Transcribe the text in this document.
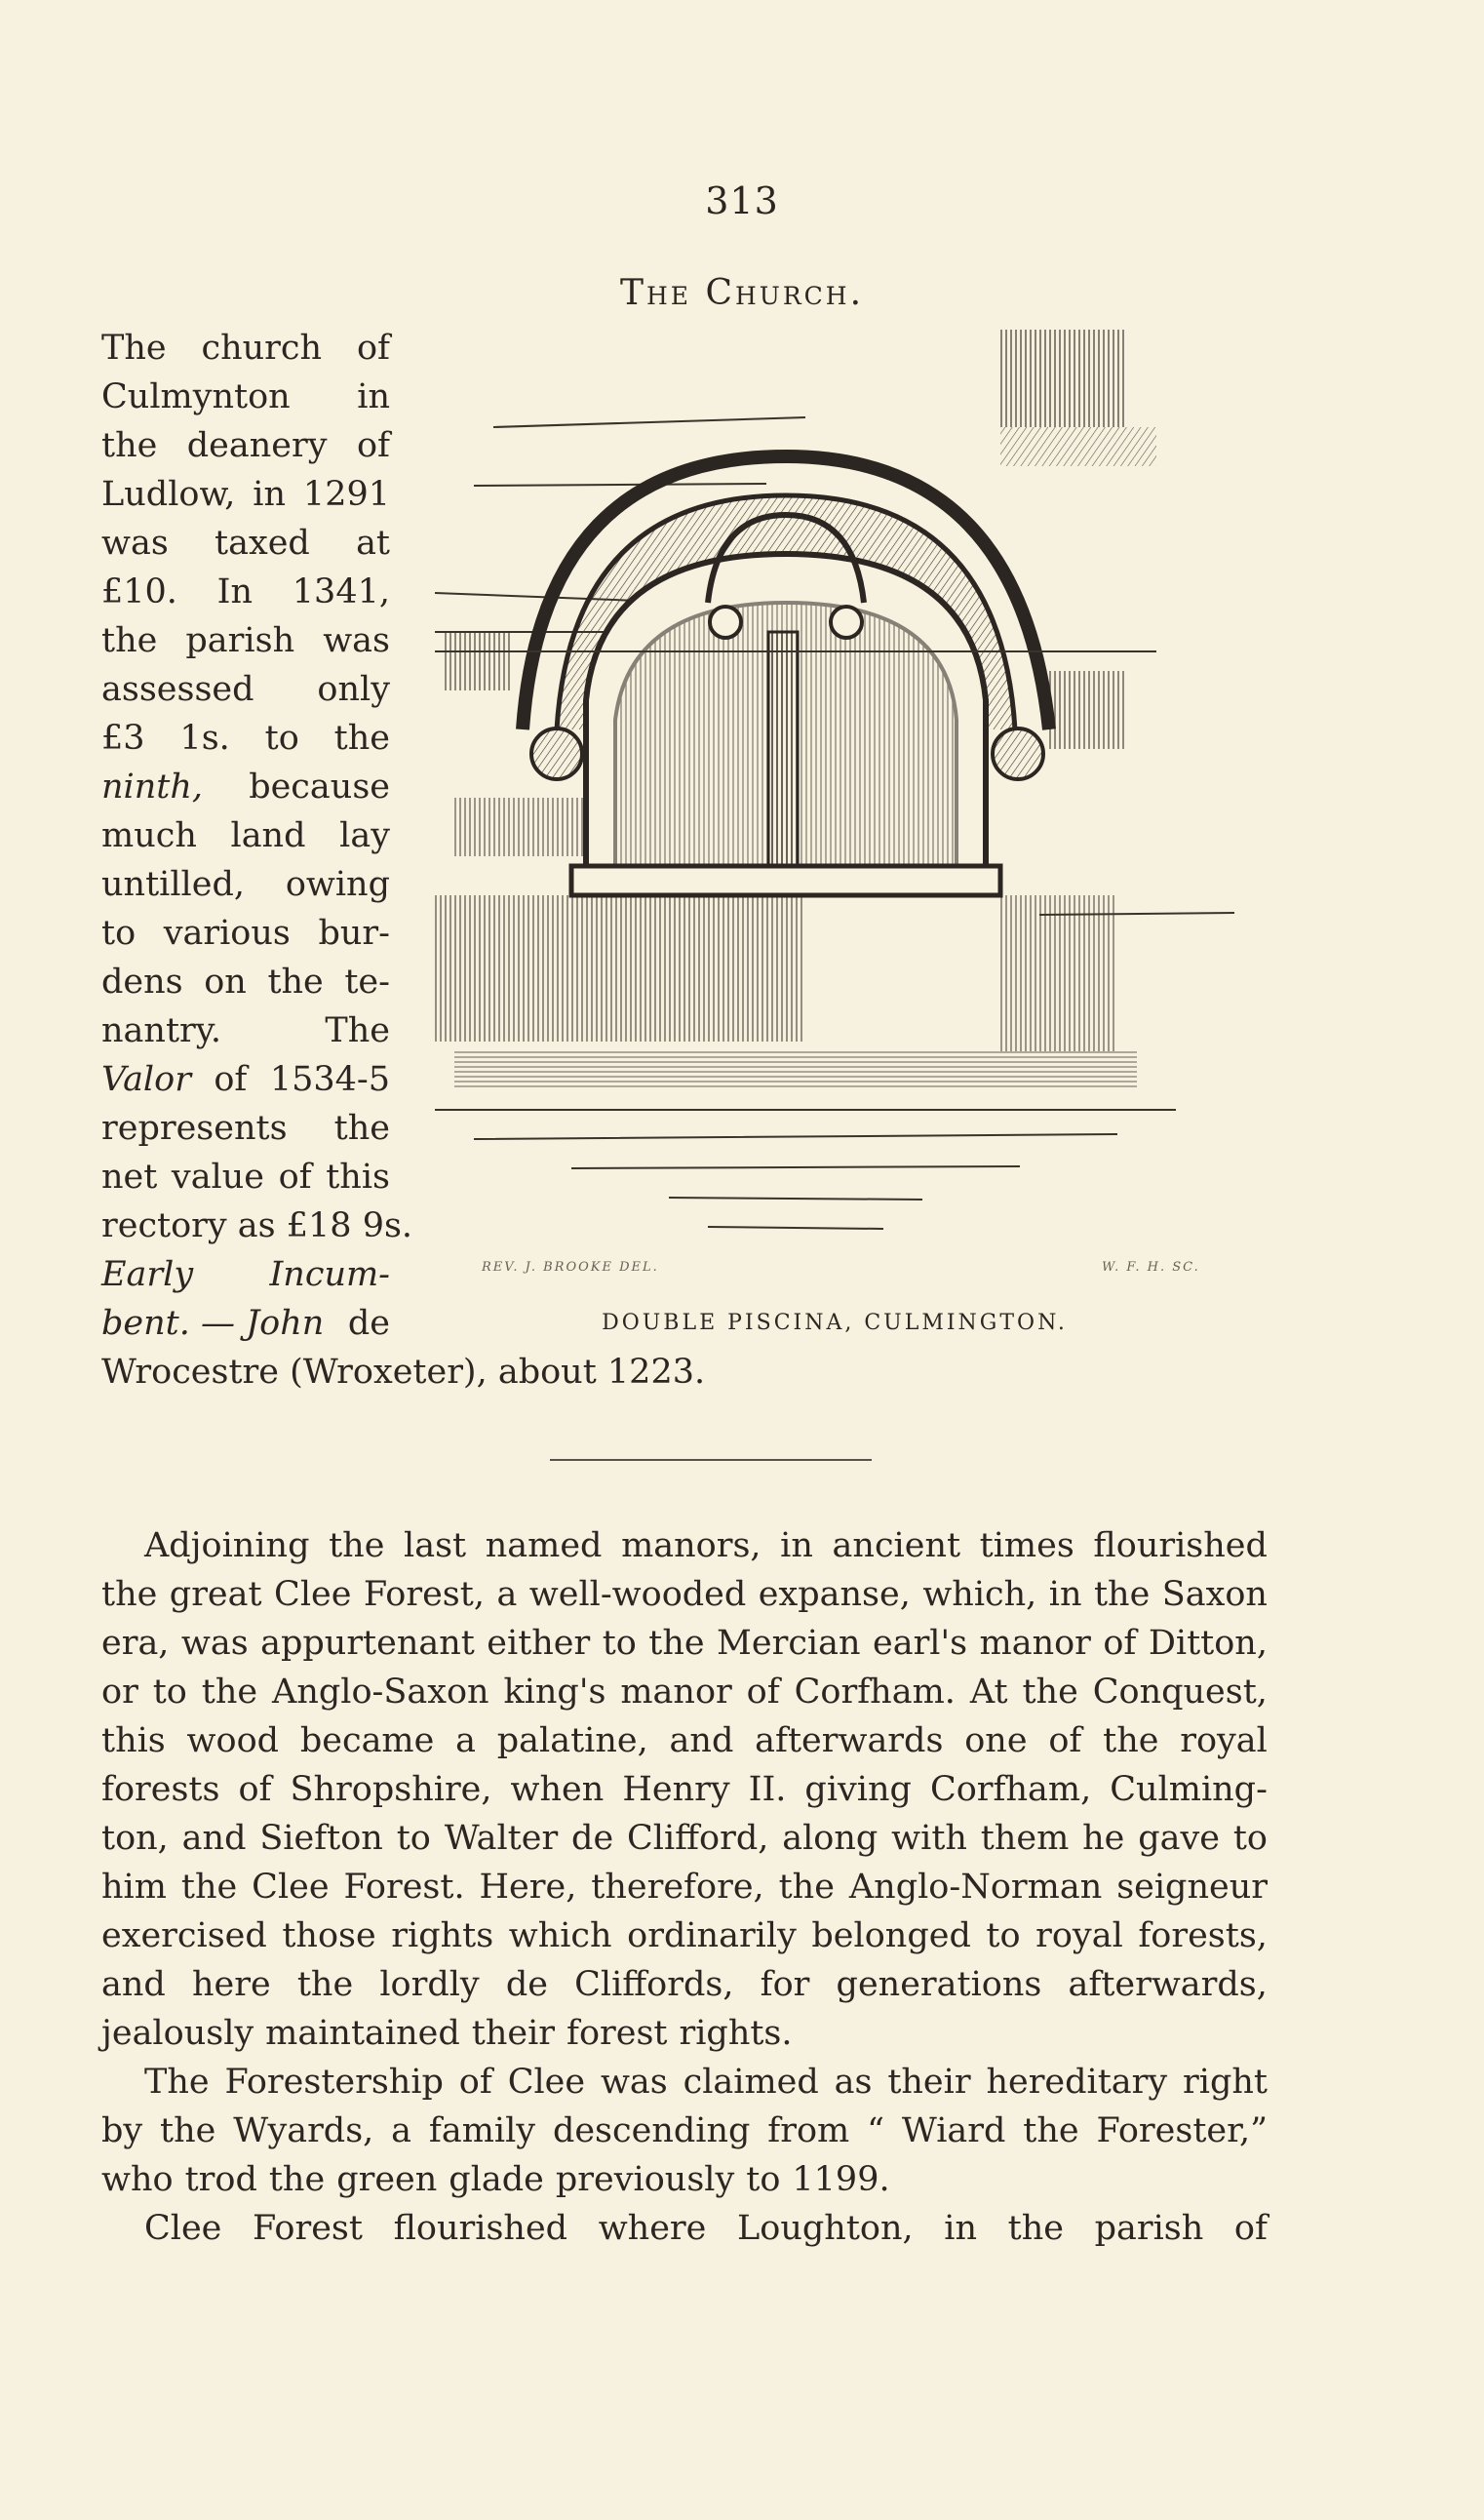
313
The Church.
The church of
Culmynton in
the deanery of
Ludlow, in 1291
was taxed at
£10. In 1341,
the parish was
assessed only
£3 1s. to the
ninth, because
much land lay
untilled, owing
to various bur-
dens on the te-
nantry.	The
Valor of 1534-5
represents the
net value of this
rectory as £18 9s.
Early Incum-
bent. — John de
Wrocestre (Wroxeter), about 1223.
REV. J. BROOKE DEL.	W. F. H. SC.
DOUBLE PISCINA, CULMINGTON.
Adjoining the last named manors, in ancient times flourished
the great Clee Forest, a well-wooded expanse, which, in the Saxon
era, was appurtenant either to the Mercian earl's manor of Ditton,
or to the Anglo-Saxon king's manor of Corfham. At the Conquest,
this wood became a palatine, and afterwards one of the royal
forests of Shropshire, when Henry II. giving Corfham, Culming-
ton, and Siefton to Walter de Clifford, along with them he gave to
him the Clee Forest. Here, therefore, the Anglo-Norman seigneur
exercised those rights which ordinarily belonged to royal forests,
and here the lordly de Cliffords, for generations afterwards,
jealously maintained their forest rights.
The Forestership of Clee was claimed as their hereditary right
by the Wyards, a family descending from “ Wiard the Forester,”
who trod the green glade previously to 1199.
Clee Forest flourished where Loughton, in the parish of
